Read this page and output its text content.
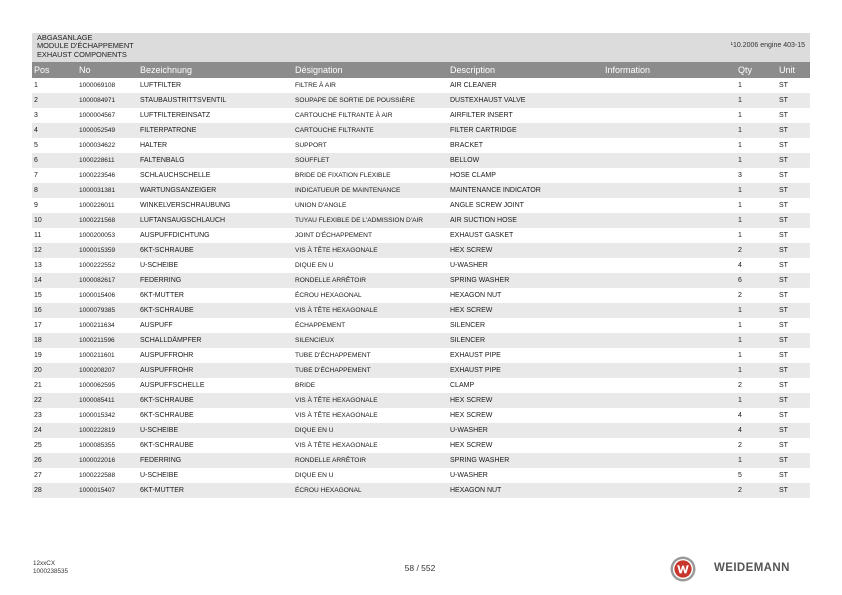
ABGASANLAGE
MODULE D'ÉCHAPPEMENT
EXHAUST COMPONENTS
¹10.2006 engine 403-15
Pos	No	Bezeichnung	Désignation	Description	Information	Qty	Unit
1	1000069108	LUFTFILTER	FILTRE À AIR	AIR CLEANER		1	ST
2	1000084971	STAUBAUSTRITTSVENTIL	SOUPAPE DE SORTIE DE POUSSIÈRE	DUSTEXHAUST VALVE		1	ST
3	1000004567	LUFTFILTEREINSATZ	CARTOUCHE FILTRANTE À AIR	AIRFILTER INSERT		1	ST
4	1000052549	FILTERPATRONE	CARTOUCHE FILTRANTE	FILTER CARTRIDGE		1	ST
5	1000034622	HALTER	SUPPORT	BRACKET		1	ST
6	1000228611	FALTENBALG	SOUFFLET	BELLOW		1	ST
7	1000223546	SCHLAUCHSCHELLE	BRIDE DE FIXATION FLEXIBLE	HOSE CLAMP		3	ST
8	1000031381	WARTUNGSANZEIGER	INDICATUEUR DE MAINTENANCE	MAINTENANCE INDICATOR		1	ST
9	1000226011	WINKELVERSCHRAUBUNG	UNION D'ANGLE	ANGLE SCREW JOINT		1	ST
10	1000221568	LUFTANSAUGSCHLAUCH	TUYAU FLEXIBLE DE L'ADMISSION D'AIR	AIR SUCTION HOSE		1	ST
11	1000200053	AUSPUFFDICHTUNG	JOINT D'ÉCHAPPEMENT	EXHAUST GASKET		1	ST
12	1000015359	6KT-SCHRAUBE	VIS À TÊTE HEXAGONALE	HEX SCREW		2	ST
13	1000222552	U-SCHEIBE	DIQUE EN U	U-WASHER		4	ST
14	1000082617	FEDERRING	RONDELLE ARRÊTOIR	SPRING WASHER		6	ST
15	1000015406	6KT-MUTTER	ÉCROU HEXAGONAL	HEXAGON NUT		2	ST
16	1000079385	6KT-SCHRAUBE	VIS À TÊTE HEXAGONALE	HEX SCREW		1	ST
17	1000211634	AUSPUFF	ÉCHAPPEMENT	SILENCER		1	ST
18	1000211596	SCHALLDÄMPFER	SILENCIEUX	SILENCER		1	ST
19	1000211601	AUSPUFFROHR	TUBE D'ÉCHAPPEMENT	EXHAUST PIPE		1	ST
20	1000208207	AUSPUFFROHR	TUBE D'ÉCHAPPEMENT	EXHAUST PIPE		1	ST
21	1000062595	AUSPUFFSCHELLE	BRIDE	CLAMP		2	ST
22	1000085411	6KT-SCHRAUBE	VIS À TÊTE HEXAGONALE	HEX SCREW		1	ST
23	1000015342	6KT-SCHRAUBE	VIS À TÊTE HEXAGONALE	HEX SCREW		4	ST
24	1000222819	U-SCHEIBE	DIQUE EN U	U-WASHER		4	ST
25	1000085355	6KT-SCHRAUBE	VIS À TÊTE HEXAGONALE	HEX SCREW		2	ST
26	1000022016	FEDERRING	RONDELLE ARRÊTOIR	SPRING WASHER		1	ST
27	1000222588	U-SCHEIBE	DIQUE EN U	U-WASHER		5	ST
28	1000015407	6KT-MUTTER	ÉCROU HEXAGONAL	HEXAGON NUT		2	ST
12xxCX
1000238535	58 / 552	WEIDEMANN
